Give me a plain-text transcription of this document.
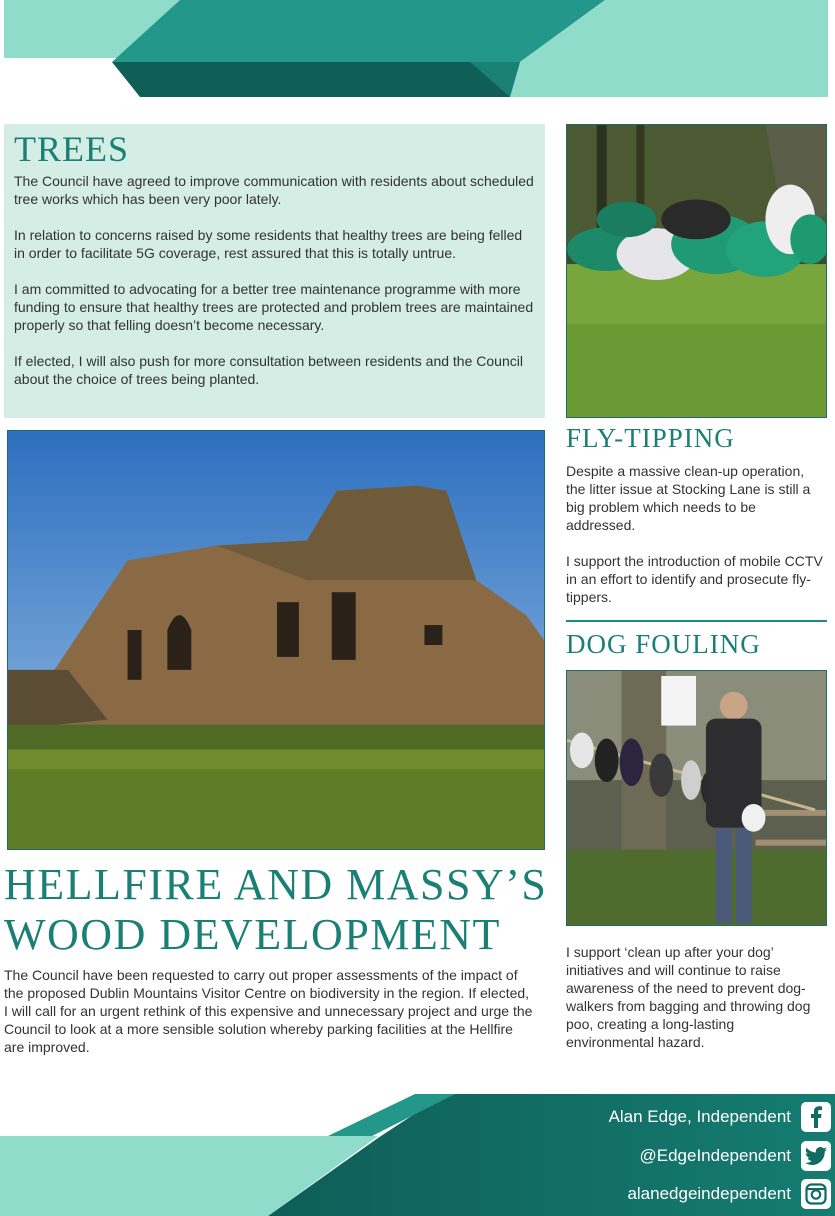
TREES

The Council have agreed to improve communication with residents about scheduled tree works which has been very poor lately.

In relation to concerns raised by some residents that healthy trees are being felled in order to facilitate 5G coverage, rest assured that this is totally untrue.

I am committed to advocating for a better tree maintenance programme with more funding to ensure that healthy trees are protected and problem trees are maintained properly so that felling doesn’t become necessary.

If elected, I will also push for more consultation between residents and the Council about the choice of trees being planted.

FLY-TIPPING

Despite a massive clean-up operation, the litter issue at Stocking Lane is still a big problem which needs to be addressed.

I support the introduction of mobile CCTV in an effort to identify and prosecute fly-tippers.

DOG FOULING
I support ‘clean up after your dog’ initiatives and will continue to raise awareness of the need to prevent dog-walkers from bagging and throwing dog poo, creating a long-lasting environmental hazard.
HELLFIRE AND MASSY’S
WOOD DEVELOPMENT
The Council have been requested to carry out proper assessments of the impact of the proposed Dublin Mountains Visitor Centre on biodiversity in the region. If elected, I will call for an urgent rethink of this expensive and unnecessary project and urge the Council to look at a more sensible solution whereby parking facilities at the Hellfire are improved.
Alan Edge, Independent
@EdgeIndependent
alanedgeindependent
